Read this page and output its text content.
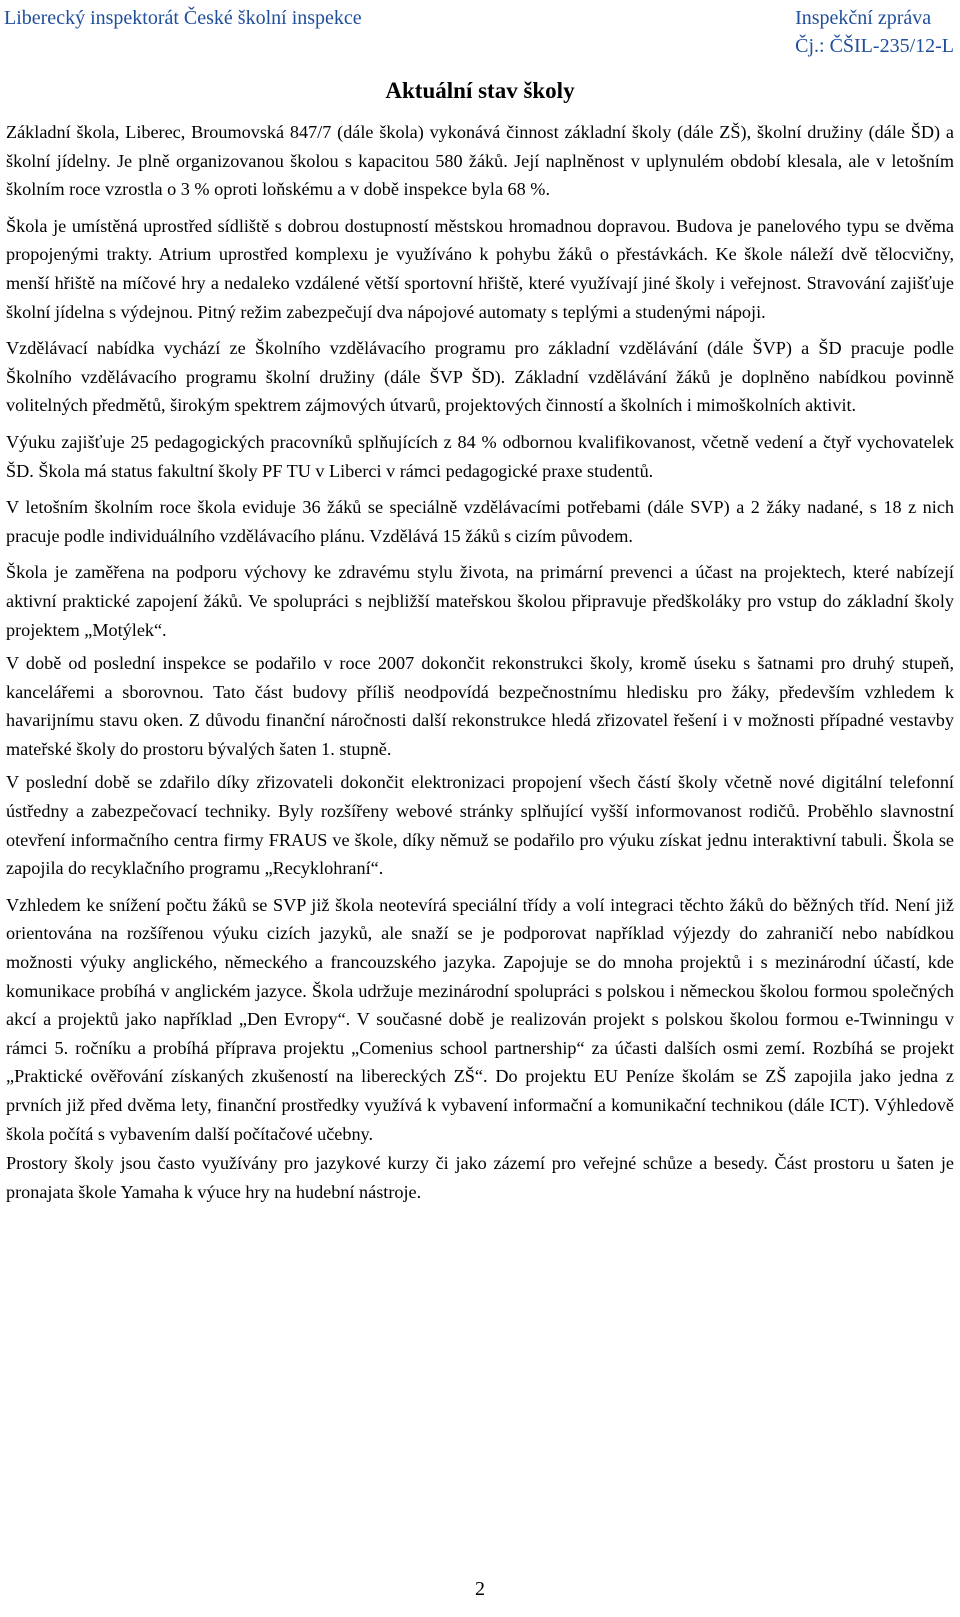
Liberecký inspektorát České školní inspekce	Inspekční zpráva
Čj.: ČŠIL-235/12-L
Aktuální stav školy

Základní škola, Liberec, Broumovská 847/7 (dále škola) vykonává činnost základní školy (dále ZŠ), školní družiny (dále ŠD) a školní jídelny. Je plně organizovanou školou s kapacitou 580 žáků. Její naplněnost v uplynulém období klesala, ale v letošním školním roce vzrostla o 3 % oproti loňskému a v době inspekce byla 68 %.

Škola je umístěná uprostřed sídliště s dobrou dostupností městskou hromadnou dopravou. Budova je panelového typu se dvěma propojenými trakty. Atrium uprostřed komplexu je využíváno k pohybu žáků o přestávkách. Ke škole náleží dvě tělocvičny, menší hřiště na míčové hry a nedaleko vzdálené větší sportovní hřiště, které využívají jiné školy i veřejnost. Stravování zajišťuje školní jídelna s výdejnou. Pitný režim zabezpečují dva nápojové automaty s teplými a studenými nápoji.

Vzdělávací nabídka vychází ze Školního vzdělávacího programu pro základní vzdělávání (dále ŠVP) a ŠD pracuje podle Školního vzdělávacího programu školní družiny (dále ŠVP ŠD). Základní vzdělávání žáků je doplněno nabídkou povinně volitelných předmětů, širokým spektrem zájmových útvarů, projektových činností a školních i mimoškolních aktivit.

Výuku zajišťuje 25 pedagogických pracovníků splňujících z 84 % odbornou kvalifikovanost, včetně vedení a čtyř vychovatelek ŠD. Škola má status fakultní školy PF TU v Liberci v rámci pedagogické praxe studentů.

V letošním školním roce škola eviduje 36 žáků se speciálně vzdělávacími potřebami (dále SVP) a 2 žáky nadané, s 18 z nich pracuje podle individuálního vzdělávacího plánu. Vzdělává 15 žáků s cizím původem.

Škola je zaměřena na podporu výchovy ke zdravému stylu života, na primární prevenci a účast na projektech, které nabízejí aktivní praktické zapojení žáků. Ve spolupráci s nejbližší mateřskou školou připravuje předškoláky pro vstup do základní školy projektem „Motýlek“.

V době od poslední inspekce se podařilo v roce 2007 dokončit rekonstrukci školy, kromě úseku s šatnami pro druhý stupeň, kancelářemi a sborovnou. Tato část budovy příliš neodpovídá bezpečnostnímu hledisku pro žáky, především vzhledem k havarijnímu stavu oken. Z důvodu finanční náročnosti další rekonstrukce hledá zřizovatel řešení i v možnosti případné vestavby mateřské školy do prostoru bývalých šaten 1. stupně.

V poslední době se zdařilo díky zřizovateli dokončit elektronizaci propojení všech částí školy včetně nové digitální telefonní ústředny a zabezpečovací techniky. Byly rozšířeny webové stránky splňující vyšší informovanost rodičů. Proběhlo slavnostní otevření informačního centra firmy FRAUS ve škole, díky němuž se podařilo pro výuku získat jednu interaktivní tabuli. Škola se zapojila do recyklačního programu „Recyklohraní“.

Vzhledem ke snížení počtu žáků se SVP již škola neotevírá speciální třídy a volí integraci těchto žáků do běžných tříd. Není již orientována na rozšířenou výuku cizích jazyků, ale snaží se je podporovat například výjezdy do zahraničí nebo nabídkou možnosti výuky anglického, německého a francouzského jazyka. Zapojuje se do mnoha projektů i s mezinárodní účastí, kde komunikace probíhá v anglickém jazyce. Škola udržuje mezinárodní spolupráci s polskou i německou školou formou společných akcí a projektů jako například „Den Evropy“. V současné době je realizován projekt s polskou školou formou e-Twinningu v rámci 5. ročníku a probíhá příprava projektu „Comenius school partnership“ za účasti dalších osmi zemí. Rozbíhá se projekt „Praktické ověřování získaných zkušeností na libereckých ZŠ“. Do projektu EU Peníze školám se ZŠ zapojila jako jedna z prvních již před dvěma lety, finanční prostředky využívá k vybavení informační a komunikační technikou (dále ICT). Výhledově škola počítá s vybavením další počítačové učebny.

Prostory školy jsou často využívány pro jazykové kurzy či jako zázemí pro veřejné schůze a besedy. Část prostoru u šaten je pronajata škole Yamaha k výuce hry na hudební nástroje.

2
